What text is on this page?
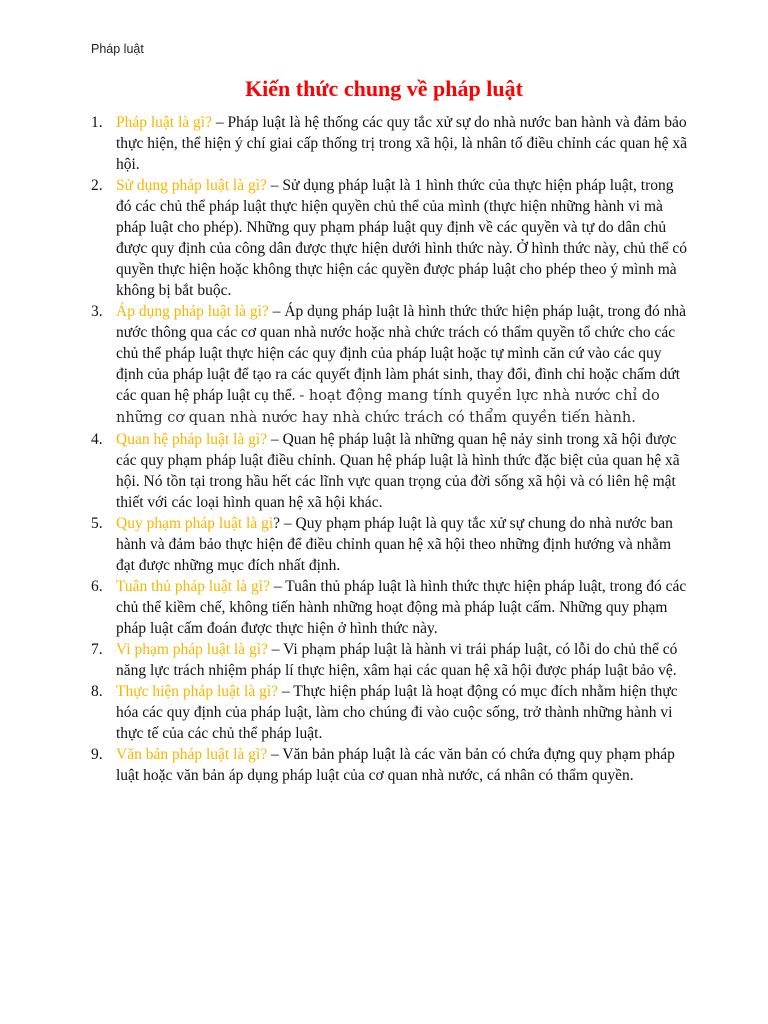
Pháp luật
Kiến thức chung về pháp luật
1. Pháp luật là gì? – Pháp luật là hệ thống các quy tắc xử sự do nhà nước ban hành và đảm bảo thực hiện, thể hiện ý chí giai cấp thống trị trong xã hội, là nhân tố điều chỉnh các quan hệ xã hội.
2. Sử dụng pháp luật là gì? – Sử dụng pháp luật là 1 hình thức của thực hiện pháp luật, trong đó các chủ thể pháp luật thực hiện quyền chủ thể của mình (thực hiện những hành vi mà pháp luật cho phép). Những quy phạm pháp luật quy định về các quyền và tự do dân chủ được quy định của công dân được thực hiện dưới hình thức này. Ở hình thức này, chủ thể có quyền thực hiện hoặc không thực hiện các quyền được pháp luật cho phép theo ý mình mà không bị bắt buộc.
3. Áp dụng pháp luật là gì? – Áp dụng pháp luật là hình thức thức hiện pháp luật, trong đó nhà nước thông qua các cơ quan nhà nước hoặc nhà chức trách có thẩm quyền tổ chức cho các chủ thể pháp luật thực hiện các quy định của pháp luật hoặc tự mình căn cứ vào các quy định của pháp luật để tạo ra các quyết định làm phát sinh, thay đổi, đình chỉ hoặc chấm dứt các quan hệ pháp luật cụ thể. - hoạt động mang tính quyền lực nhà nước chỉ do những cơ quan nhà nước hay nhà chức trách có thẩm quyền tiến hành.
4. Quan hệ pháp luật là gì? – Quan hệ pháp luật là những quan hệ nảy sinh trong xã hội được các quy phạm pháp luật điều chỉnh. Quan hệ pháp luật là hình thức đặc biệt của quan hệ xã hội. Nó tồn tại trong hầu hết các lĩnh vực quan trọng của đời sống xã hội và có liên hệ mật thiết với các loại hình quan hệ xã hội khác.
5. Quy phạm pháp luật là gì? – Quy phạm pháp luật là quy tắc xử sự chung do nhà nước ban hành và đảm bảo thực hiện để điều chỉnh quan hệ xã hội theo những định hướng và nhằm đạt được những mục đích nhất định.
6. Tuân thủ pháp luật là gì? – Tuân thủ pháp luật là hình thức thực hiện pháp luật, trong đó các chủ thể kiềm chế, không tiến hành những hoạt động mà pháp luật cấm. Những quy phạm pháp luật cấm đoán được thực hiện ở hình thức này.
7. Vi phạm pháp luật là gì? – Vi phạm pháp luật là hành vi trái pháp luật, có lỗi do chủ thể có năng lực trách nhiệm pháp lí thực hiện, xâm hại các quan hệ xã hội được pháp luật bảo vệ.
8. Thực hiện pháp luật là gì? – Thực hiện pháp luật là hoạt động có mục đích nhằm hiện thực hóa các quy định của pháp luật, làm cho chúng đi vào cuộc sống, trở thành những hành vi thực tế của các chủ thể pháp luật.
9. Văn bản pháp luật là gì? – Văn bản pháp luật là các văn bản có chứa đựng quy phạm pháp luật hoặc văn bản áp dụng pháp luật của cơ quan nhà nước, cá nhân có thẩm quyền.
